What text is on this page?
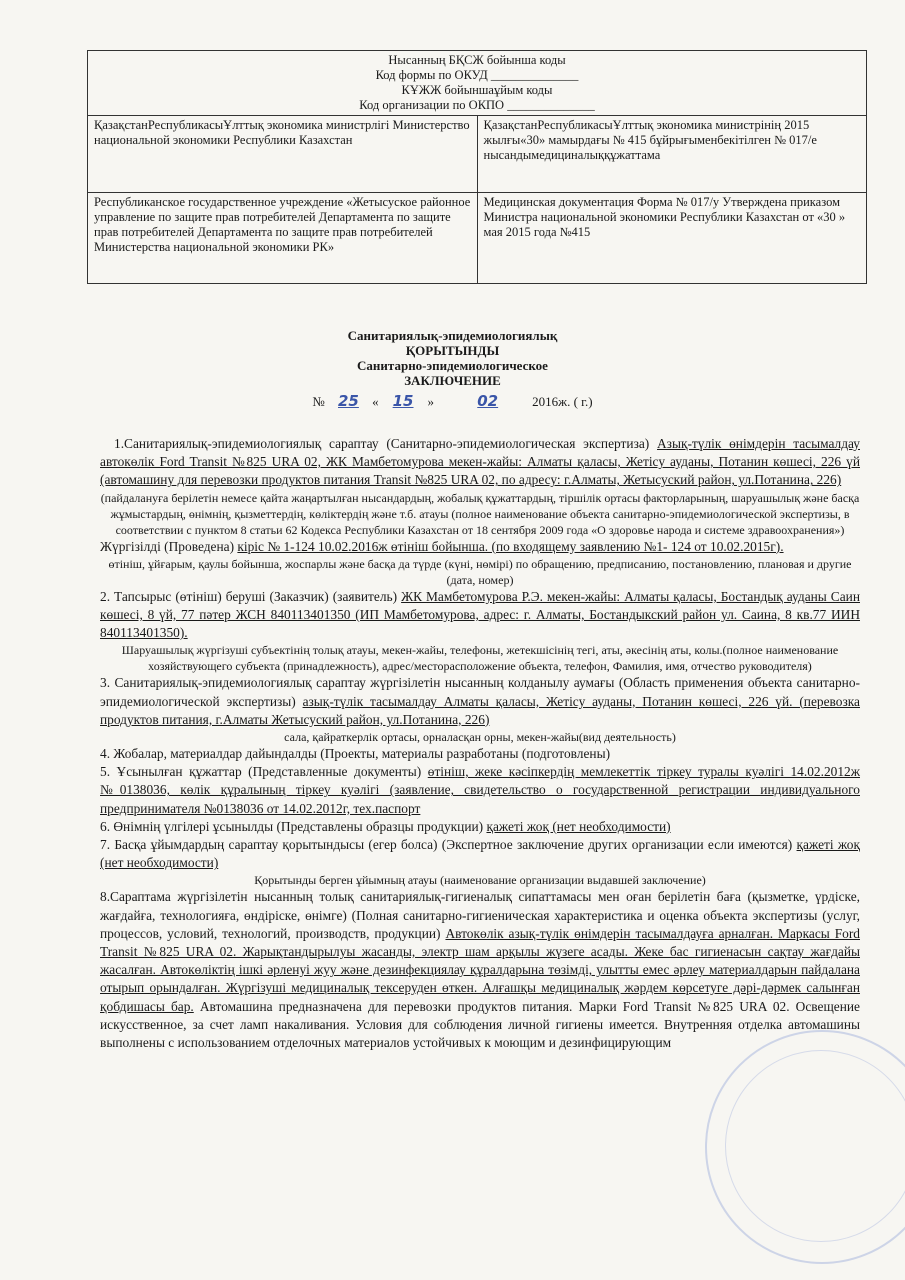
Нысанның БҚСЖ бойынша коды
Код формы по ОКУД ______________
КҰЖЖ бойыншаұйым коды
Код организации по ОКПО ______________	

ҚазақстанРеспубликасыҰлттық экономика министрлігі Министерство национальной экономики Республики Казахстан	ҚазақстанРеспубликасыҰлттық экономика министрінің 2015 жылғы«30» мамырдағы № 415 бұйрығыменбекітілген № 017/е нысандымедициналыққұжаттама
Республиканское государственное учреждение «Жетысуское районное управление по защите прав потребителей Департамента по защите прав потребителей Департамента по защите прав потребителей Министерства национальной экономики РК»	Медицинская документация Форма № 017/у Утверждена приказом Министра национальной экономики Республики Казахстан от «30 » мая 2015 года №415
Санитариялық-эпидемиологиялық
ҚОРЫТЫНДЫ
Санитарно-эпидемиологическое
ЗАКЛЮЧЕНИЕ
№ 25 « 15 »	02	2016ж. ( г.)

1.Санитариялық-эпидемиологиялық сараптау (Санитарно-эпидемиологическая экспертиза) Азық-түлік өнімдерін тасымалдау автокөлік Ford Transit №825 URA 02, ЖК Мамбетомурова мекен-жайы: Алматы қаласы, Жетісу ауданы, Потанин көшесі, 226 үй (автомашину для перевозки продуктов питания Transit №825 URA 02, по адресу: г.Алматы, Жетысуский район, ул.Потанина, 226)

(пайдалануға берілетін немесе қайта жаңартылған нысандардың, жобалық құжаттардың, тіршілік ортасы факторларының, шаруашылық және басқа жұмыстардың, өнімнің, қызметтердің, көліктердің және т.б. атауы (полное наименование объекта санитарно-эпидемиологической экспертизы, в соответствии с пунктом 8 статьи 62 Кодекса Республики Казахстан от 18 сентября 2009 года «О здоровье народа и системе здравоохранения»)

Жүргізілді (Проведена) кіріс № 1-124 10.02.2016ж өтініш бойынша. (по входящему заявлению №1- 124 от 10.02.2015г).

өтініш, ұйғарым, қаулы бойынша, жоспарлы және басқа да түрде (күні, нөмірі) по обращению, предписанию, постановлению, плановая и другие (дата, номер)

2. Тапсырыс (өтініш) беруші (Заказчик) (заявитель) ЖК Мамбетомурова Р.Э. мекен-жайы: Алматы қаласы, Бостандық ауданы Саин көшесі, 8 үй, 77 пәтер ЖСН 840113401350 (ИП Мамбетомурова, адрес: г. Алматы, Бостандыкский район ул. Саина, 8 кв.77 ИИН 840113401350).

Шаруашылық жүргізуші субъектінің толық атауы, мекен-жайы, телефоны, жетекшісінің тегі, аты, әкесінің аты, колы.(полное наименование хозяйствующего субъекта (принадлежность), адрес/месторасположение объекта, телефон, Фамилия, имя, отчество руководителя)

3. Санитариялық-эпидемиологиялық сараптау жүргізілетін нысанның колданылу аумағы (Область применения объекта санитарно-эпидемиологической экспертизы) азық-түлік тасымалдау Алматы қаласы, Жетісу ауданы, Потанин көшесі, 226 үй. (перевозка продуктов питания, г.Алматы Жетысуский район, ул.Потанина, 226)

сала, қайраткерлік ортасы, орналасқан орны, мекен-жайы(вид деятельность)

4. Жобалар, материалдар дайындалды (Проекты, материалы разработаны (подготовлены)

5. Ұсынылған құжаттар (Представленные документы) өтініш, жеке кәсіпкердің мемлекеттік тіркеу туралы куәлігі 14.02.2012ж №0138036, көлік құралының тіркеу куәлігі (заявление, свидетельство о государственной регистрации индивидуального предпринимателя №0138036 от 14.02.2012г, тех.паспорт

6. Өнімнің үлгілері ұсынылды (Представлены образцы продукции) қажеті жоқ (нет необходимости)

7. Басқа ұйымдардың сараптау қорытындысы (егер болса) (Экспертное заключение других организации если имеются) қажеті жоқ (нет необходимости)

Қорытынды берген ұйымның атауы (наименование организации выдавшей заключение)

8.Сараптама жүргізілетін нысанның толық санитариялық-гигиеналық сипаттамасы мен оған берілетін баға (қызметке, үрдіске, жағдайға, технологияға, өндіріске, өнімге) (Полная санитарно-гигиеническая характеристика и оценка объекта экспертизы (услуг, процессов, условий, технологий, производств, продукции) Автокөлік азық-түлік өнімдерін тасымалдауға арналған. Маркасы Ford Transit №825 URA 02. Жарықтандырылуы жасанды, электр шам арқылы жүзеге асады. Жеке бас гигиенасын сақтау жағдайы жасалған. Автокөліктің ішкі әрленуі жуу және дезинфекциялау құралдарына төзімді, улытты емес әрлеу материалдарын пайдалана отырып орындалған. Жүргізуші медициналық тексеруден өткен. Алғашқы медициналық жәрдем көрсетуге дәрі-дәрмек салынған қобдишасы бар. Автомашина предназначена для перевозки продуктов питания. Марки Ford Transit №825 URA 02. Освещение искусственное, за счет ламп накаливания. Условия для соблюдения личной гигиены имеется. Внутренняя отделка автомашины выполнены с использованием отделочных материалов устойчивых к моющим и дезинфицирующим
